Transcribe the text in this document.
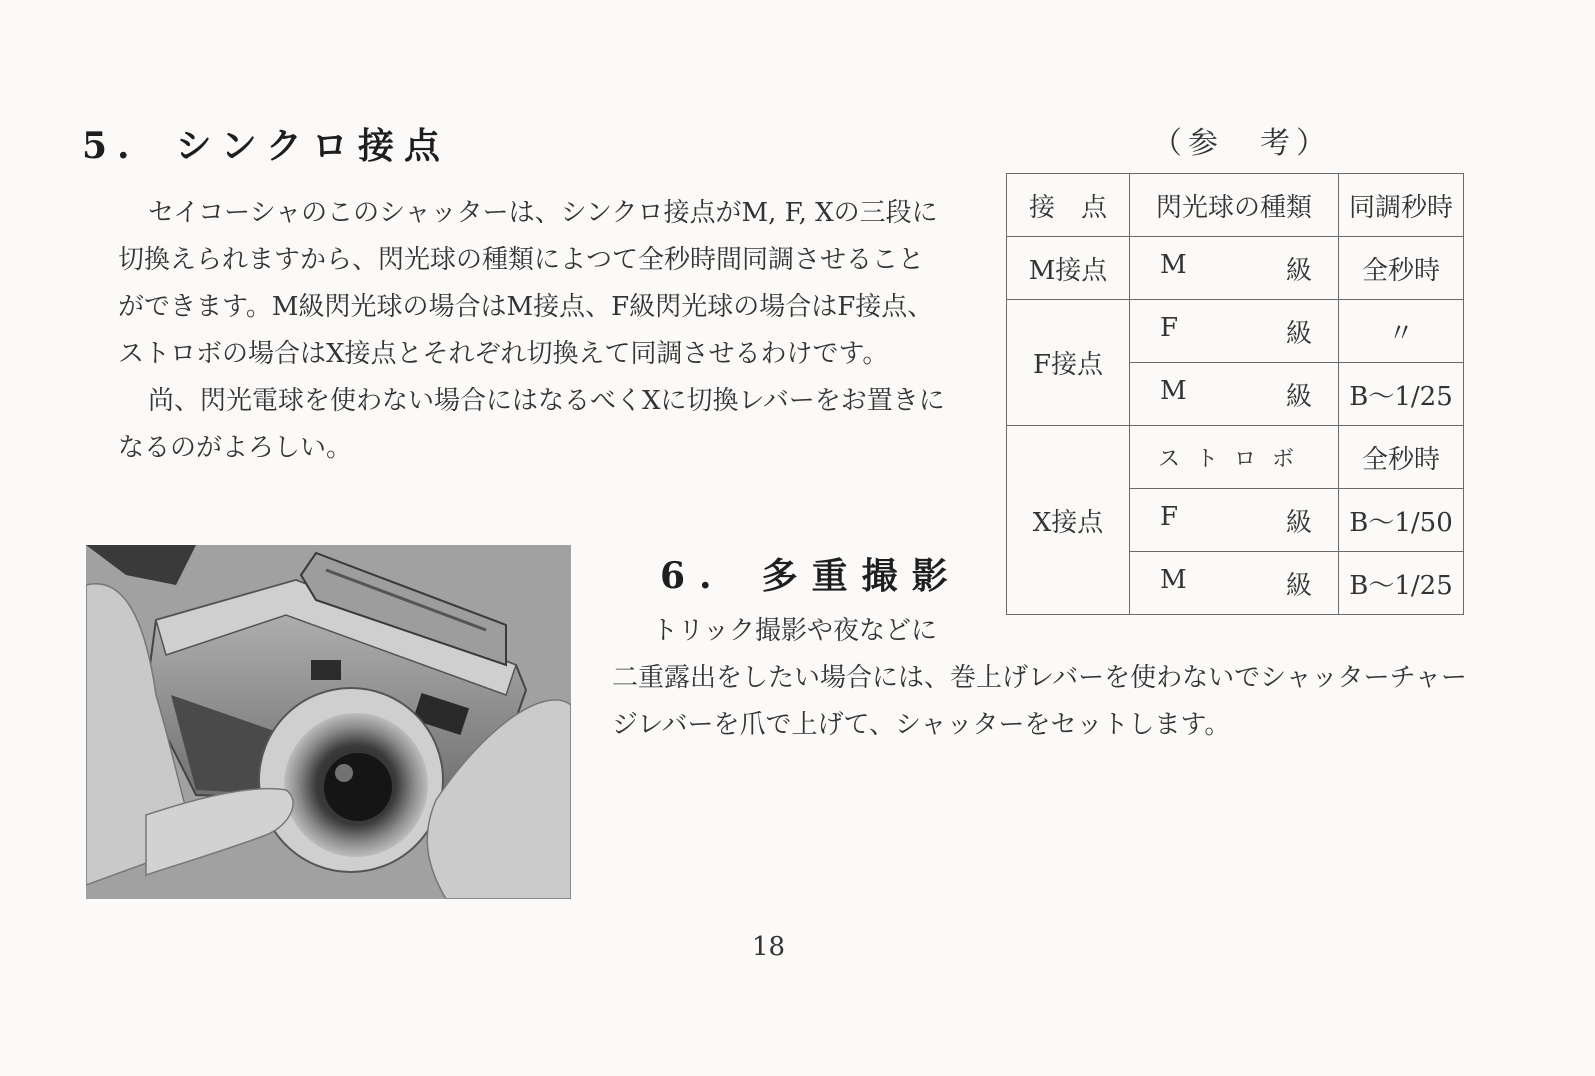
5. シンクロ接点

セイコーシャのこのシャッターは、シンクロ接点がM, F, Xの三段に切換えられますから、閃光球の種類によつて全秒時間同調させることができます。M級閃光球の場合はM接点、F級閃光球の場合はF接点、ストロボの場合はX接点とそれぞれ切換えて同調させるわけです。

尚、閃光電球を使わない場合にはなるべくXに切換レバーをお置きになるのがよろしい。

（参　考）
接　点	閃光球の種類	同調秒時
M接点	M 級	全秒時
F接点	F 級	〃

	M 級	B〜1/25
X接点	ストロボ	全秒時

	F 級	B〜1/50

	M 級	B〜1/25
6. 多重撮影

トリック撮影や夜などに

二重露出をしたい場合には、巻上げレバーを使わないでシャッターチャージレバーを爪で上げて、シャッターをセットします。

18
